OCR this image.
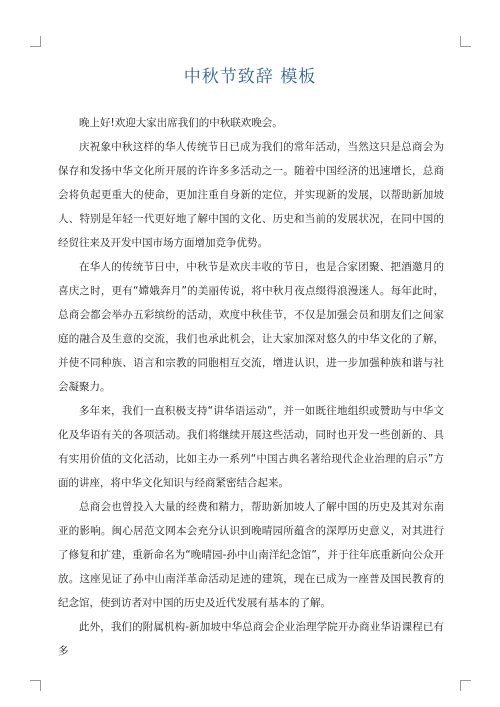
中秋节致辞 模板

晚上好!欢迎大家出席我们的中秋联欢晚会。

庆祝象中秋这样的华人传统节日已成为我们的常年活动，当然这只是总商会为保存和发扬中华文化所开展的许许多多活动之一。随着中国经济的迅速增长，总商会将负起更重大的使命，更加注重自身新的定位，并实现新的发展，以帮助新加坡人、特别是年轻一代更好地了解中国的文化、历史和当前的发展状况，在同中国的经贸往来及开发中国市场方面增加竞争优势。

在华人的传统节日中，中秋节是欢庆丰收的节日，也是合家团聚、把酒邀月的喜庆之时，更有“嫦娥奔月”的美丽传说，将中秋月夜点缀得浪漫迷人。每年此时，总商会都会举办五彩缤纷的活动，欢度中秋佳节，不仅是加强会员和朋友们之间家庭的融合及生意的交流，我们也承此机会，让大家加深对悠久的中华文化的了解，并使不同种族、语言和宗教的同胞相互交流，增进认识，进一步加强种族和谐与社会凝聚力。

多年来，我们一直积极支持“讲华语运动”，并一如既往地组织或赞助与中华文化及华语有关的各项活动。我们将继续开展这些活动，同时也开发一些创新的、具有实用价值的文化活动，比如主办一系列“中国古典名著给现代企业治理的启示”方面的讲座，将中华文化知识与经商紧密结合起来。

总商会也曾投入大量的经费和精力，帮助新加坡人了解中国的历史及其对东南亚的影响。闽心居范文网本会充分认识到晚晴园所蕴含的深厚历史意义，对其进行了修复和扩建，重新命名为“晚晴园-孙中山南洋纪念馆”，并于往年底重新向公众开放。这座见证了孙中山南洋革命活动足迹的建筑，现在已成为一座普及国民教育的纪念馆，使到访者对中国的历史及近代发展有基本的了解。

此外，我们的附属机构-新加坡中华总商会企业治理学院开办商业华语课程已有多
